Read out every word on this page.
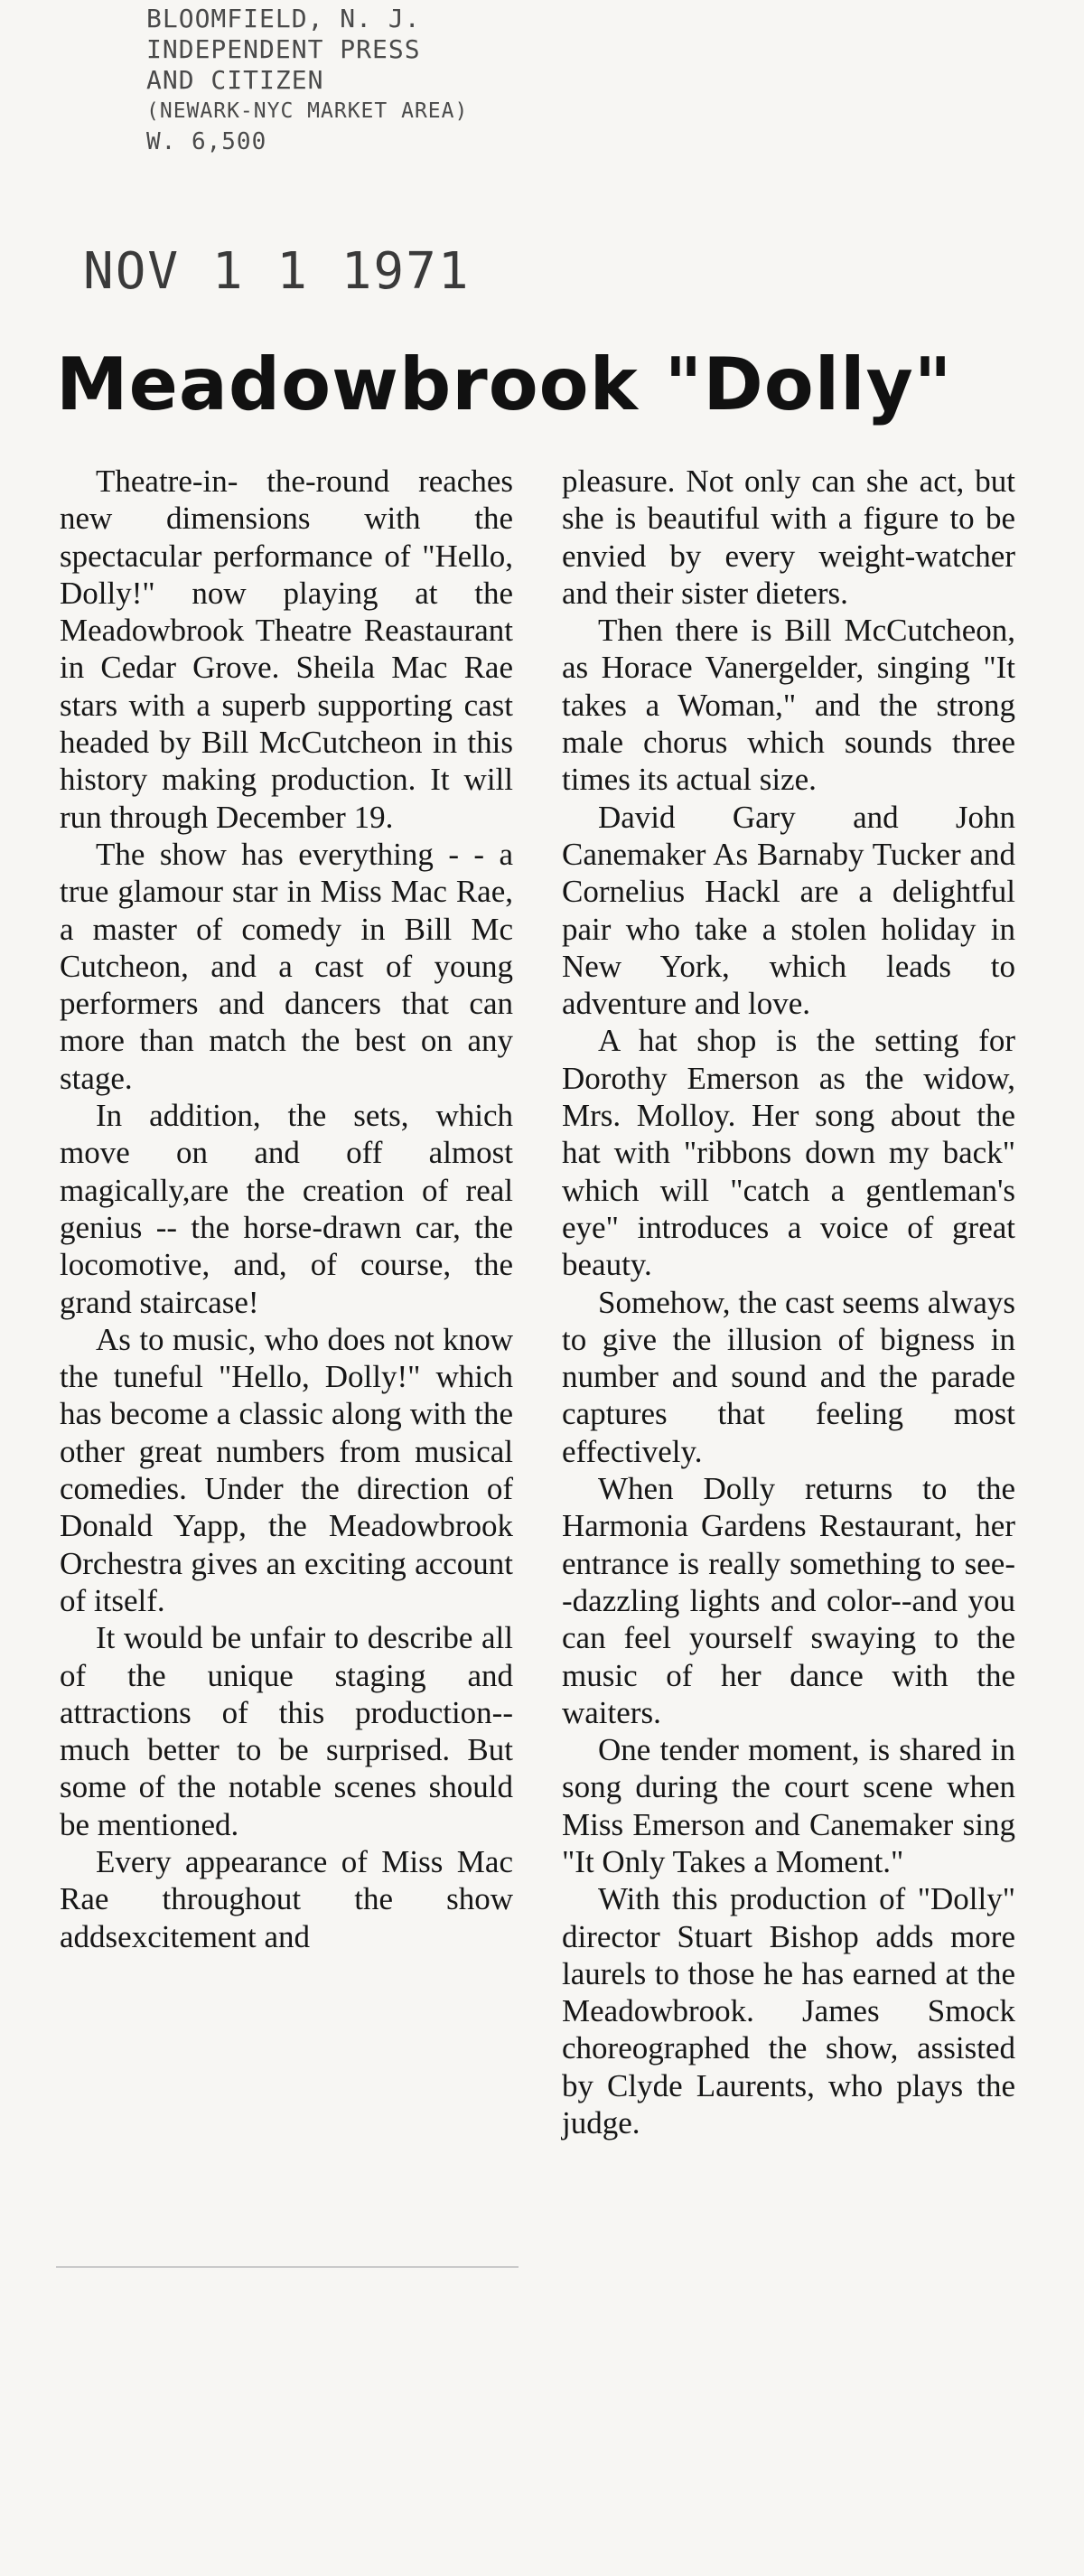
BLOOMFIELD, N. J.
INDEPENDENT PRESS
AND CITIZEN
(NEWARK-NYC MARKET AREA)
W. 6,500
NOV 1 1 1971
Meadowbrook "Dolly"

Theatre-in- the-round reaches new dimensions with the spectacular performance of "Hello, Dolly!" now playing at the Meadowbrook Theatre Reastaurant in Cedar Grove. Sheila Mac Rae stars with a superb supporting cast headed by Bill McCutcheon in this history making production. It will run through December 19.

The show has everything - - a true glamour star in Miss Mac Rae, a master of comedy in Bill Mc Cutcheon, and a cast of young performers and dancers that can more than match the best on any stage.

In addition, the sets, which move on and off almost magically,are the creation of real genius -- the horse-drawn car, the locomotive, and, of course, the grand staircase!

As to music, who does not know the tuneful "Hello, Dolly!" which has become a classic along with the other great numbers from musical comedies. Under the direction of Donald Yapp, the Meadowbrook Orchestra gives an exciting account of itself.

It would be unfair to describe all of the unique staging and attractions of this production-- much better to be surprised. But some of the notable scenes should be mentioned.

Every appearance of Miss Mac Rae throughout the show addsexcitement and

pleasure. Not only can she act, but she is beautiful with a figure to be envied by every weight-watcher and their sister dieters.

Then there is Bill McCutcheon, as Horace Vanergelder, singing "It takes a Woman," and the strong male chorus which sounds three times its actual size.

David Gary and John Canemaker As Barnaby Tucker and Cornelius Hackl are a delightful pair who take a stolen holiday in New York, which leads to adventure and love.

A hat shop is the setting for Dorothy Emerson as the widow, Mrs. Molloy. Her song about the hat with "ribbons down my back" which will "catch a gentleman's eye" introduces a voice of great beauty.

Somehow, the cast seems always to give the illusion of bigness in number and sound and the parade captures that feeling most effectively.

When Dolly returns to the Harmonia Gardens Restaurant, her entrance is really something to see--dazzling lights and color--and you can feel yourself swaying to the music of her dance with the waiters.

One tender moment, is shared in song during the court scene when Miss Emerson and Canemaker sing "It Only Takes a Moment."

With this production of "Dolly" director Stuart Bishop adds more laurels to those he has earned at the Meadowbrook. James Smock choreographed the show, assisted by Clyde Laurents, who plays the judge.
